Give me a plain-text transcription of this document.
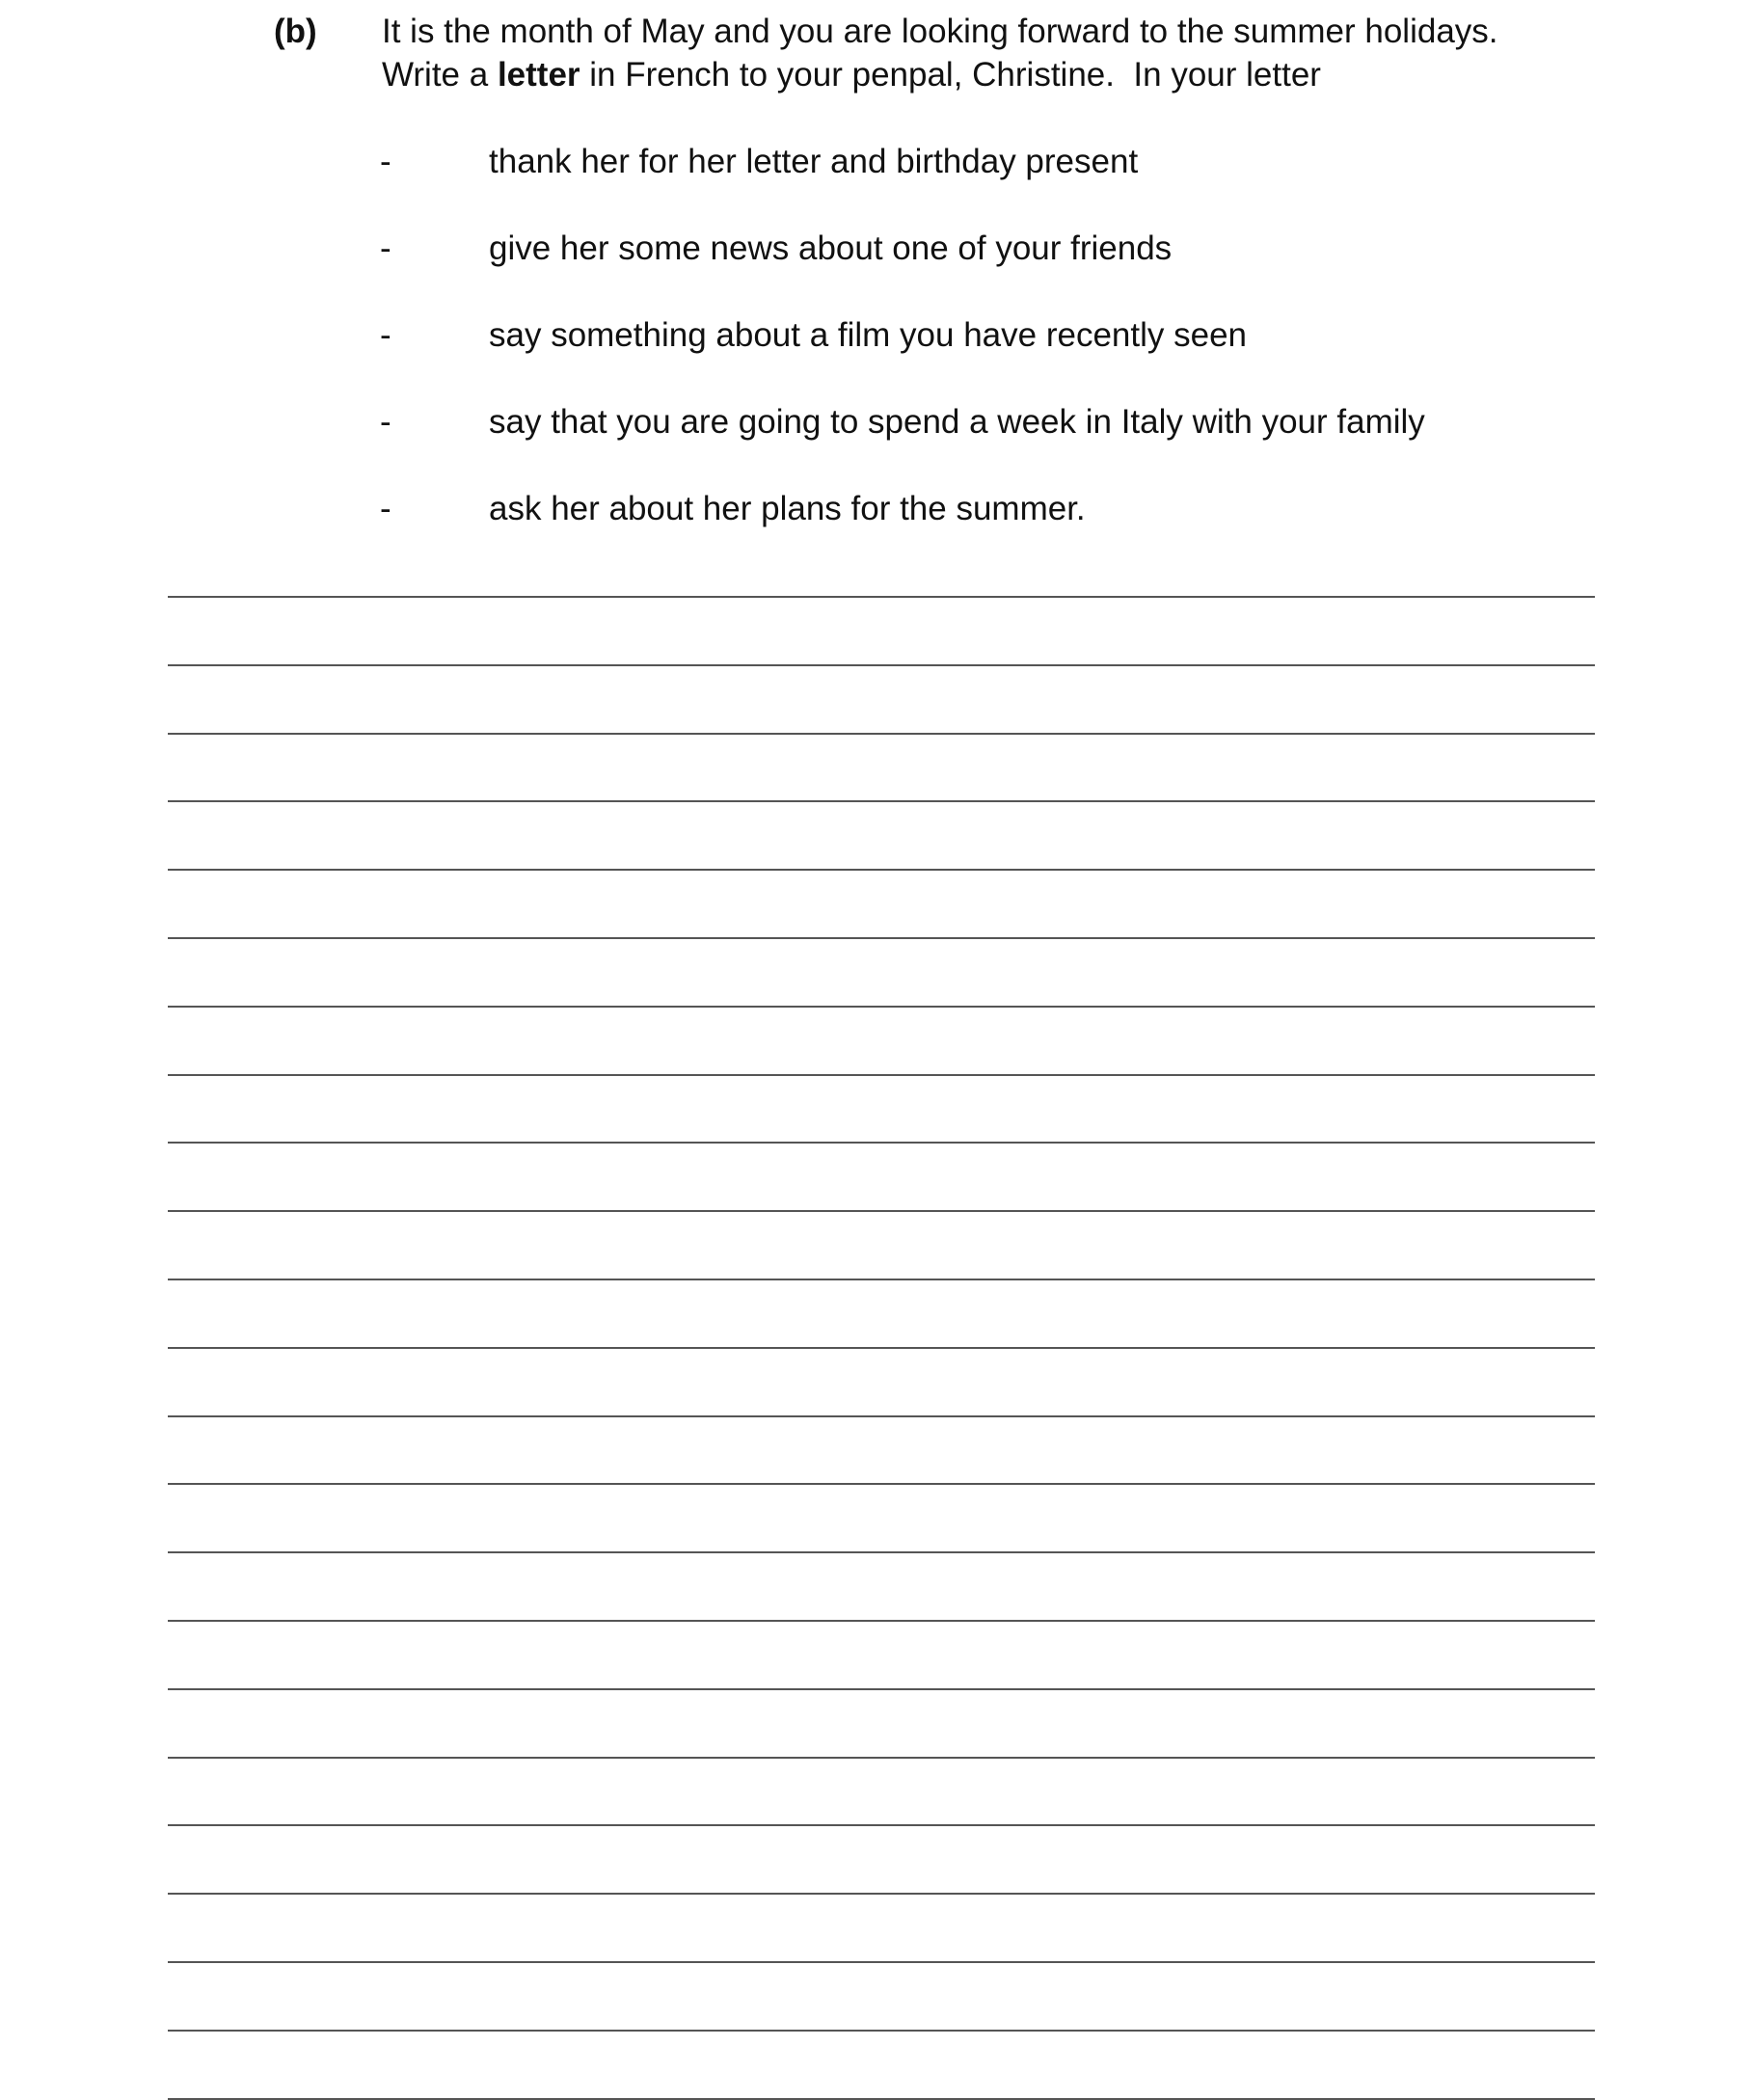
(b) It is the month of May and you are looking forward to the summer holidays.
Write a letter in French to your penpal, Christine.  In your letter
-	thank her for her letter and birthday present
-	give her some news about one of your friends
-	say something about a film you have recently seen
-	say that you are going to spend a week in Italy with your family
-	ask her about her plans for the summer.
